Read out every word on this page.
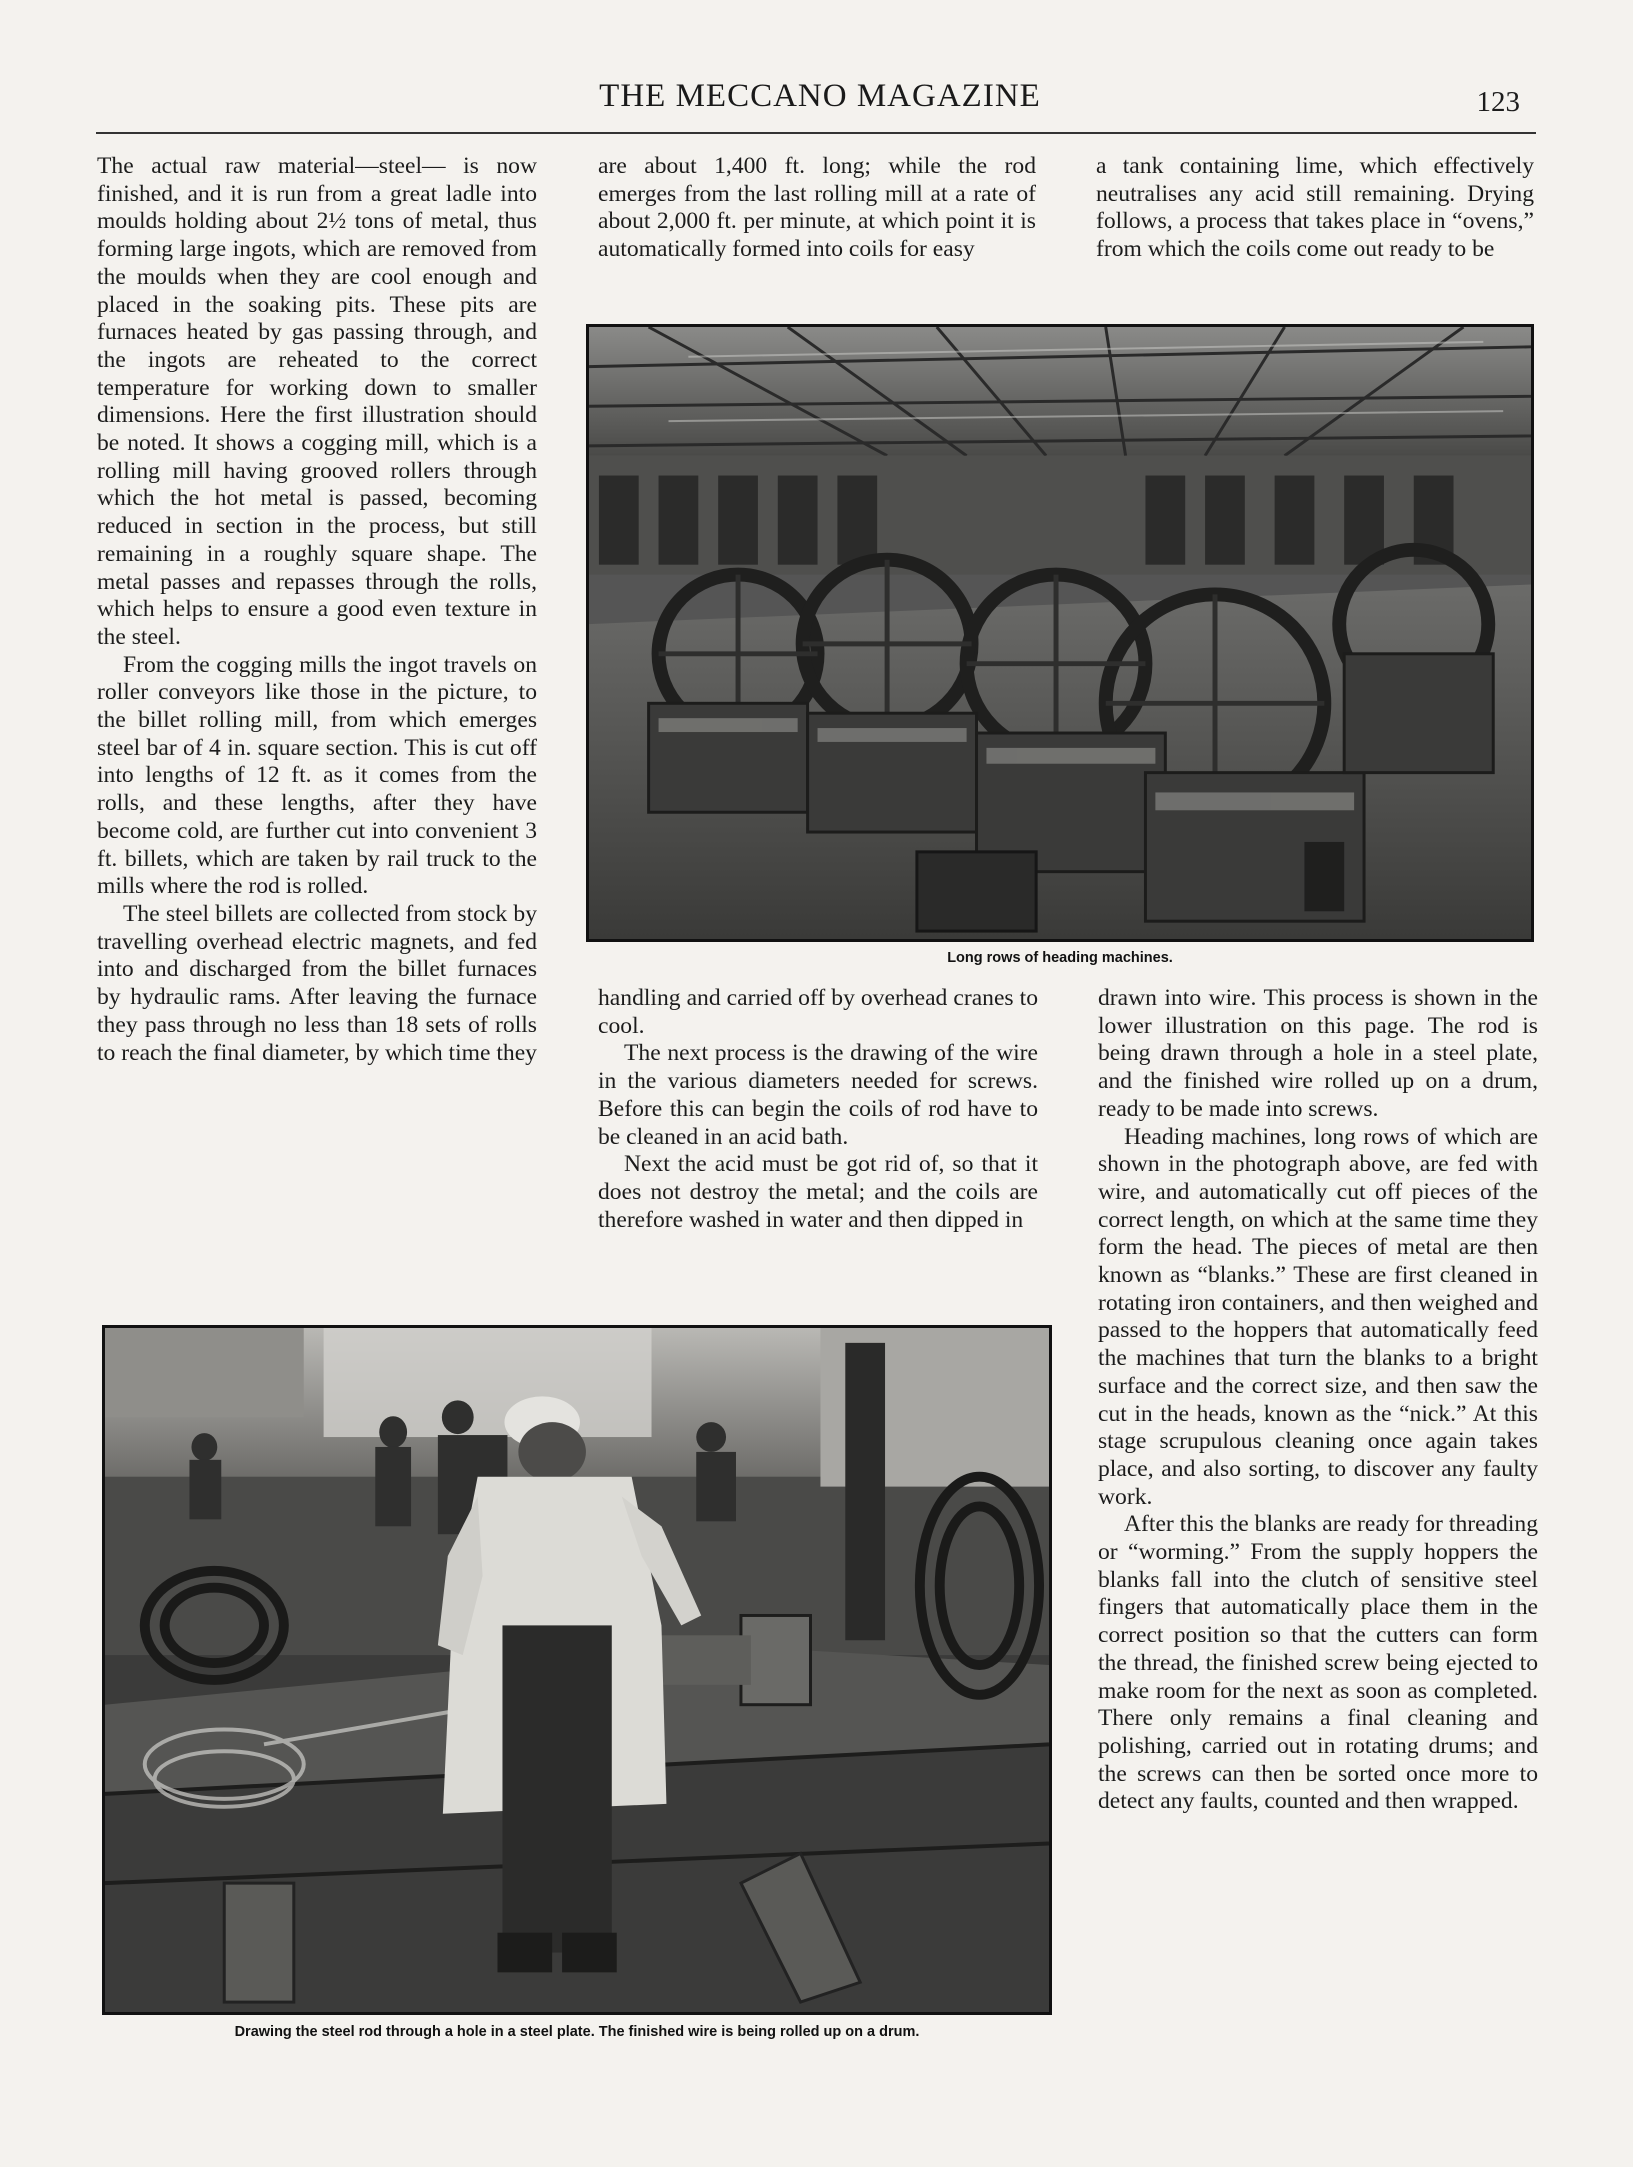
THE MECCANO MAGAZINE	123

The actual raw material—steel— is now finished, and it is run from a great ladle into moulds holding about 2½ tons of metal, thus forming large ingots, which are removed from the moulds when they are cool enough and placed in the soaking pits. These pits are furnaces heated by gas passing through, and the ingots are reheated to the correct temperature for working down to smaller dimensions. Here the first illustration should be noted. It shows a cogging mill, which is a rolling mill having grooved rollers through which the hot metal is passed, becoming reduced in section in the process, but still remaining in a roughly square shape. The metal passes and repasses through the rolls, which helps to ensure a good even texture in the steel.

From the cogging mills the ingot travels on roller conveyors like those in the picture, to the billet rolling mill, from which emerges steel bar of 4 in. square section. This is cut off into lengths of 12 ft. as it comes from the rolls, and these lengths, after they have become cold, are further cut into convenient 3 ft. billets, which are taken by rail truck to the mills where the rod is rolled.

The steel billets are collected from stock by travelling overhead electric magnets, and fed into and discharged from the billet furnaces by hydraulic rams. After leaving the furnace they pass through no less than 18 sets of rolls to reach the final diameter, by which time they

are about 1,400 ft. long; while the rod emerges from the last rolling mill at a rate of about 2,000 ft. per minute, at which point it is automatically formed into coils for easy

a tank containing lime, which effectively neutralises any acid still remaining. Drying follows, a process that takes place in “ovens,” from which the coils come out ready to be

Long rows of heading machines.

handling and carried off by overhead cranes to cool.

The next process is the drawing of the wire in the various diameters needed for screws. Before this can begin the coils of rod have to be cleaned in an acid bath.

Next the acid must be got rid of, so that it does not destroy the metal; and the coils are therefore washed in water and then dipped in

drawn into wire. This process is shown in the lower illustration on this page. The rod is being drawn through a hole in a steel plate, and the finished wire rolled up on a drum, ready to be made into screws.

Heading machines, long rows of which are shown in the photograph above, are fed with wire, and automatically cut off pieces of the correct length, on which at the same time they form the head. The pieces of metal are then known as “blanks.” These are first cleaned in rotating iron containers, and then weighed and passed to the hoppers that automatically feed the machines that turn the blanks to a bright surface and the correct size, and then saw the cut in the heads, known as the “nick.” At this stage scrupulous cleaning once again takes place, and also sorting, to discover any faulty work.

After this the blanks are ready for threading or “worming.” From the supply hoppers the blanks fall into the clutch of sensitive steel fingers that automatically place them in the correct position so that the cutters can form the thread, the finished screw being ejected to make room for the next as soon as completed. There only remains a final cleaning and polishing, carried out in rotating drums; and the screws can then be sorted once more to detect any faults, counted and then wrapped.

Drawing the steel rod through a hole in a steel plate. The finished wire is being rolled up on a drum.
